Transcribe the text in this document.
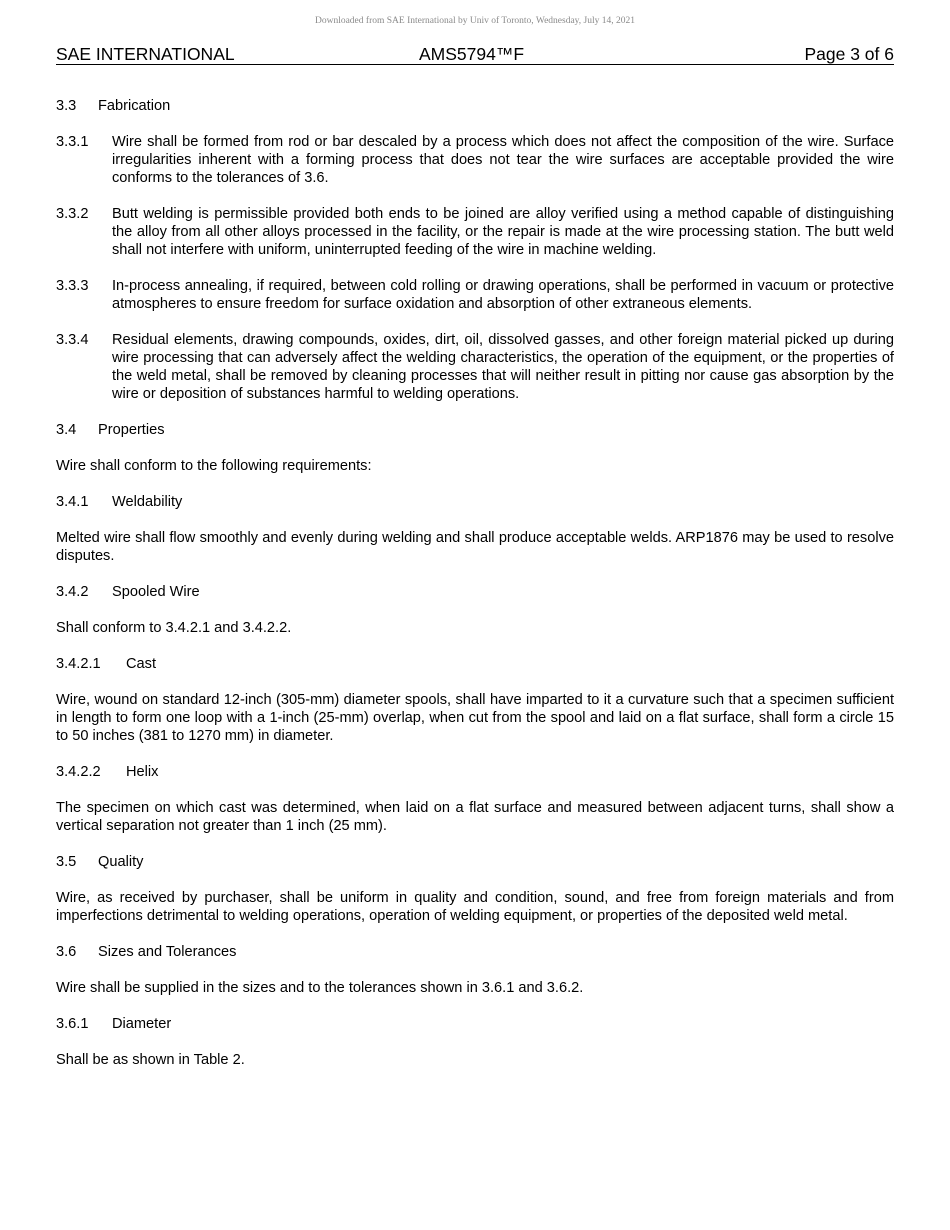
Downloaded from SAE International by Univ of Toronto, Wednesday, July 14, 2021
SAE INTERNATIONAL	AMS5794™F	Page 3 of 6
3.3 Fabrication
3.3.1 Wire shall be formed from rod or bar descaled by a process which does not affect the composition of the wire. Surface irregularities inherent with a forming process that does not tear the wire surfaces are acceptable provided the wire conforms to the tolerances of 3.6.
3.3.2 Butt welding is permissible provided both ends to be joined are alloy verified using a method capable of distinguishing the alloy from all other alloys processed in the facility, or the repair is made at the wire processing station. The butt weld shall not interfere with uniform, uninterrupted feeding of the wire in machine welding.
3.3.3 In-process annealing, if required, between cold rolling or drawing operations, shall be performed in vacuum or protective atmospheres to ensure freedom for surface oxidation and absorption of other extraneous elements.
3.3.4 Residual elements, drawing compounds, oxides, dirt, oil, dissolved gasses, and other foreign material picked up during wire processing that can adversely affect the welding characteristics, the operation of the equipment, or the properties of the weld metal, shall be removed by cleaning processes that will neither result in pitting nor cause gas absorption by the wire or deposition of substances harmful to welding operations.
3.4 Properties

Wire shall conform to the following requirements:

3.4.1 Weldability

Melted wire shall flow smoothly and evenly during welding and shall produce acceptable welds. ARP1876 may be used to resolve disputes.

3.4.2 Spooled Wire

Shall conform to 3.4.2.1 and 3.4.2.2.

3.4.2.1 Cast

Wire, wound on standard 12-inch (305-mm) diameter spools, shall have imparted to it a curvature such that a specimen sufficient in length to form one loop with a 1-inch (25-mm) overlap, when cut from the spool and laid on a flat surface, shall form a circle 15 to 50 inches (381 to 1270 mm) in diameter.

3.4.2.2 Helix

The specimen on which cast was determined, when laid on a flat surface and measured between adjacent turns, shall show a vertical separation not greater than 1 inch (25 mm).

3.5 Quality

Wire, as received by purchaser, shall be uniform in quality and condition, sound, and free from foreign materials and from imperfections detrimental to welding operations, operation of welding equipment, or properties of the deposited weld metal.

3.6 Sizes and Tolerances

Wire shall be supplied in the sizes and to the tolerances shown in 3.6.1 and 3.6.2.

3.6.1 Diameter

Shall be as shown in Table 2.
